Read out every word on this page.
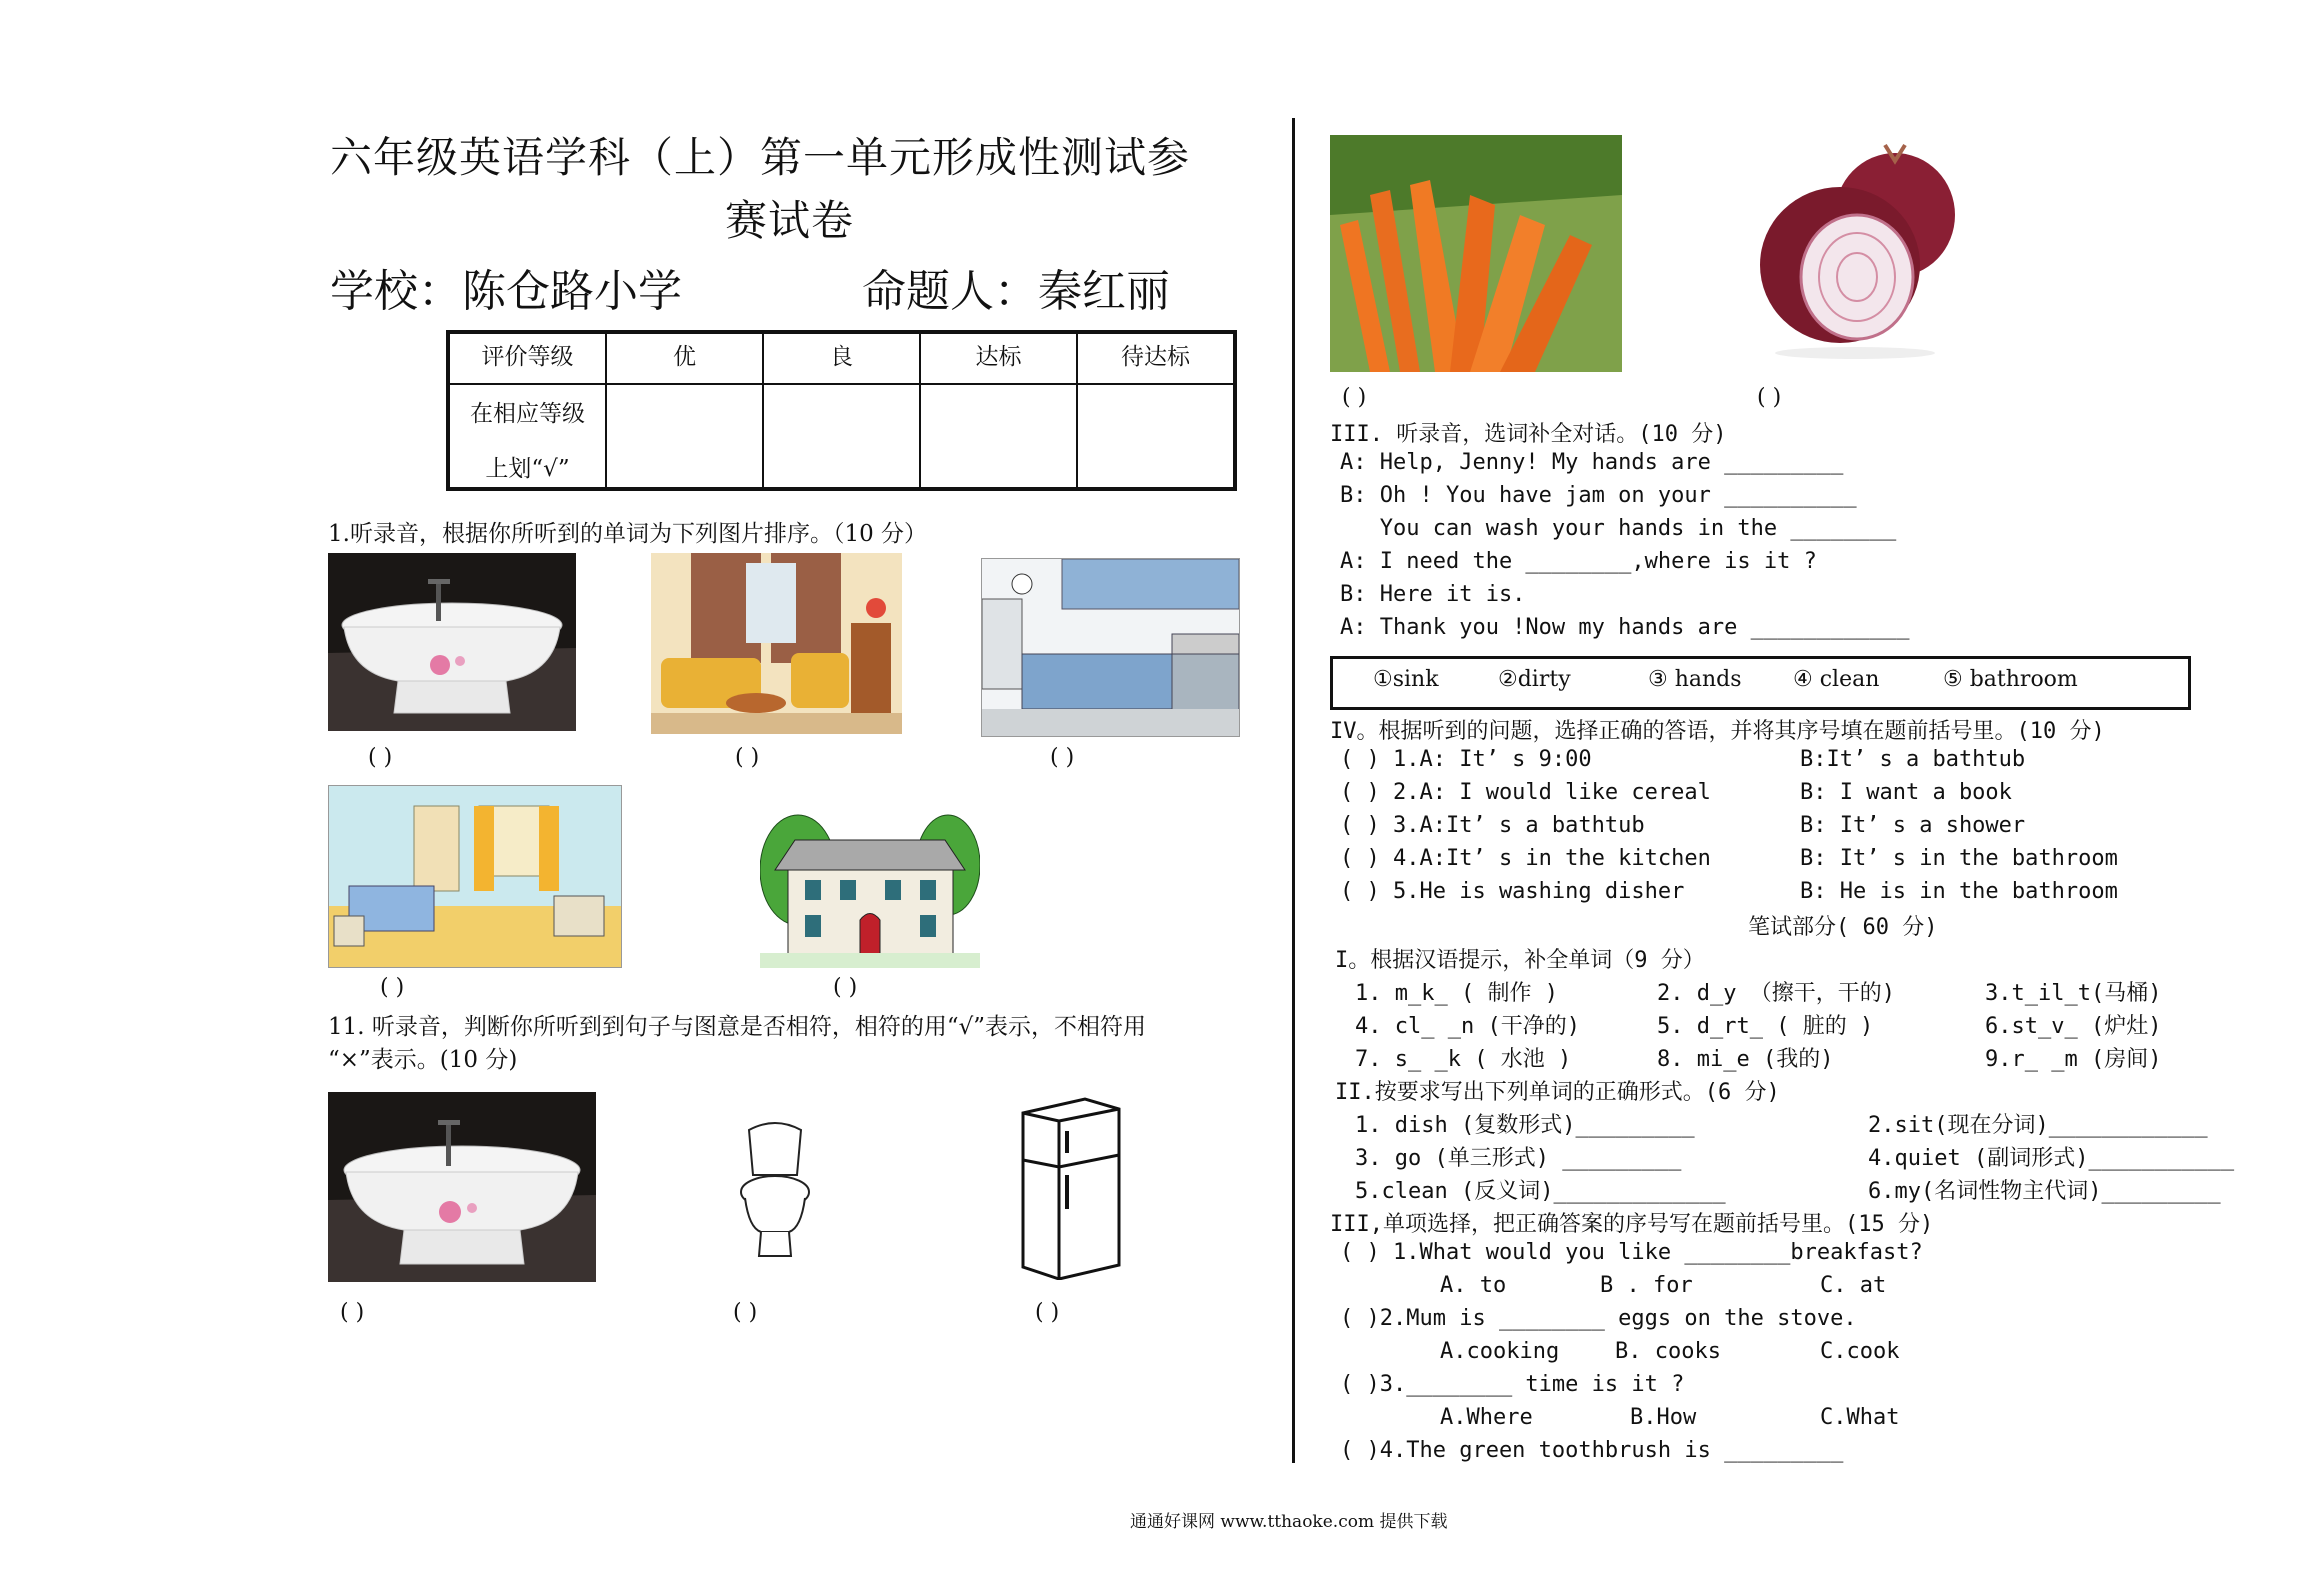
六年级英语学科（上）第一单元形成性测试参
赛试卷
学校：陈仓路小学	命题人：秦红丽
评价等级	优	良	达标	待达标

在相应等级
上划“√”				

1.听录音，根据你所听到的单词为下列图片排序。（10 分）
( )	( )	( )
( )	( )
11. 听录音，判断你所听到到句子与图意是否相符，相符的用“√”表示，不相符用
“×”表示。(10 分)
( )	( )	( )
( )	( )
III. 听录音，选词补全对话。(10 分)
A: Help, Jenny! My hands are _________
B: Oh ! You have jam on your __________
You can wash your hands in the ________
A: I need the ________,where is it ?
B: Here it is.
A: Thank you !Now my hands are ____________
①sink	②dirty	③ hands ④ clean	⑤ bathroom
IV。根据听到的问题，选择正确的答语，并将其序号填在题前括号里。(10 分)
( ) 1.A: It’ s 9:00	B:It’ s a bathtub
( ) 2.A: I would like cereal	B: I want a book
( ) 3.A:It’ s a bathtub	B: It’ s a shower
( ) 4.A:It’ s in the kitchen	B: It’ s in the bathroom
( ) 5.He is washing disher	B: He is in the bathroom
笔试部分( 60 分)
I。根据汉语提示，补全单词（9 分）
1. m_k_ ( 制作 )	2. d_y （擦干，干的)	3.t_il_t(马桶)
4. cl_ _n (干净的)	5. d_rt_ ( 脏的 )	6.st_v_ (炉灶)
7. s_ _k ( 水池 )	8. mi_e (我的)	9.r_ _m (房间)
II.按要求写出下列单词的正确形式。(6 分)
1. dish (复数形式)_________	2.sit(现在分词)____________
3. go (单三形式) _________	4.quiet (副词形式)___________
5.clean (反义词)_____________	6.my(名词性物主代词)_________
III,单项选择，把正确答案的序号写在题前括号里。(15 分)
( ) 1.What would you like ________breakfast?
A. to	B . for	C. at
( )2.Mum is ________ eggs on the stove.
A.cooking	B. cooks	C.cook
( )3.________ time is it ?
A.Where	B.How	C.What
( )4.The green toothbrush is _________
通通好课网 www.tthaoke.com 提供下载
